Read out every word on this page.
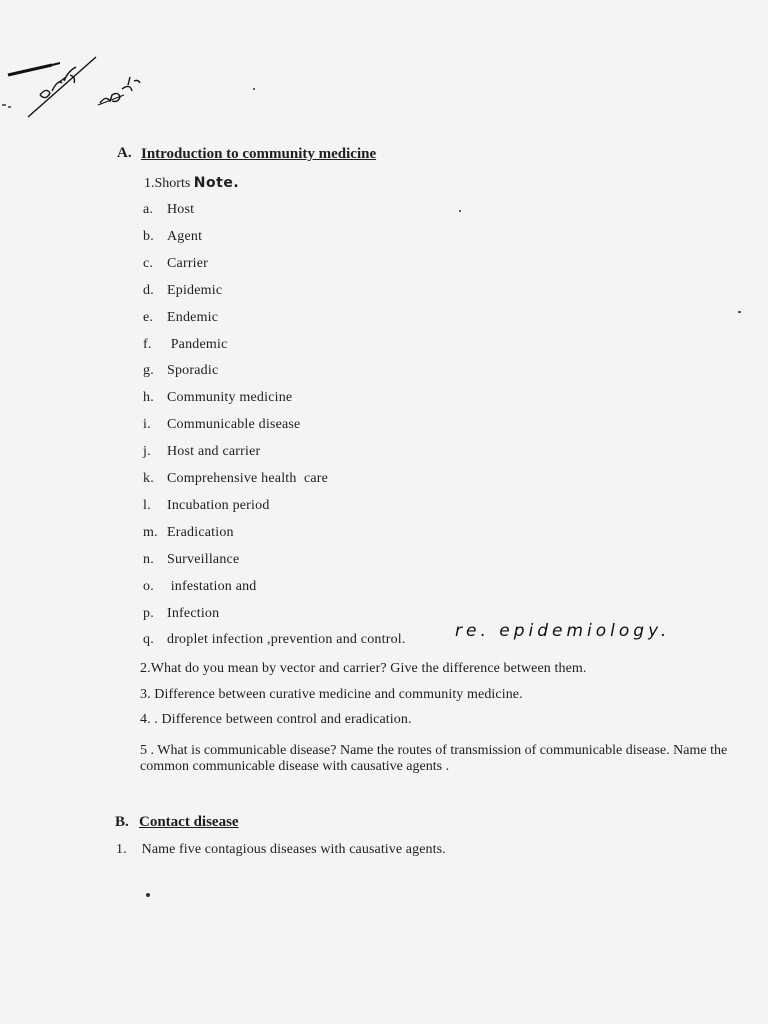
A. Introduction to community medicine
1.Shorts Note.
a. Host
b. Agent
c. Carrier
d. Epidemic
e. Endemic
f. Pandemic
g. Sporadic
h. Community medicine
i. Communicable disease
j. Host and carrier
k. Comprehensive health  care
l. Incubation period
m. Eradication
n. Surveillance
o. infestation and
p. Infection
q. droplet infection ,prevention and control.	re. epidemiology.
2.What do you mean by vector and carrier? Give the difference between them.
3. Difference between curative medicine and community medicine.
4. . Difference between control and eradication.
5 . What is communicable disease? Name the routes of transmission of communicable disease. Name the common communicable disease with causative agents .
B. Contact disease
1. Name five contagious diseases with causative agents.
